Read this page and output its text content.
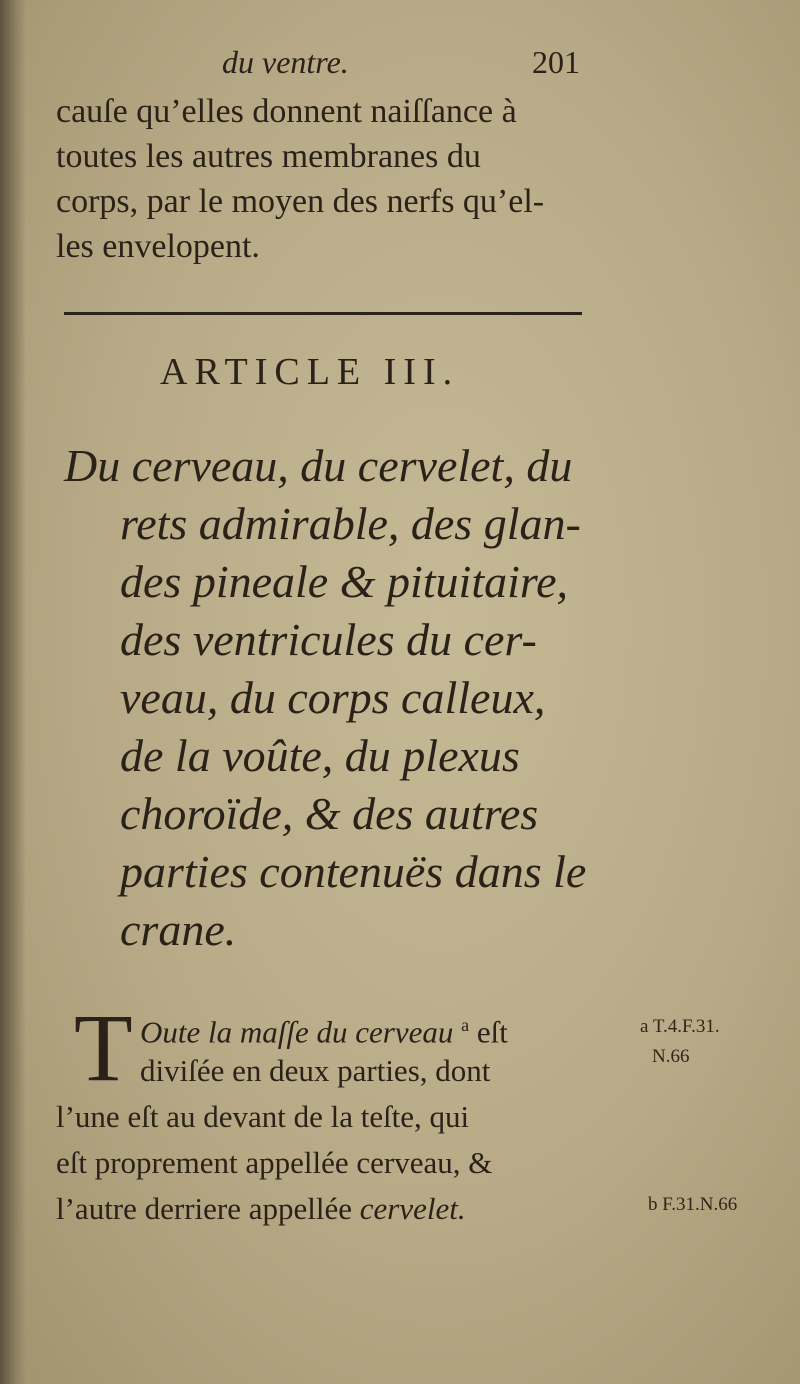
du ventre.	201
cauſe qu’elles donnent naiſſance à
toutes les autres membranes du
corps, par le moyen des nerfs qu’el-
les envelopent.
ARTICLE III.
Du cerveau, du cervelet, du
rets admirable, des glan-
des pineale & pituitaire,
des ventricules du cer-
veau, du corps calleux,
de la voûte, du plexus
choroïde, & des autres
parties contenuës dans le
crane.
T Oute la maſſe du cerveau $^a$ eſt
diviſée en deux parties, dont
l’une eſt au devant de la teſte, qui
eſt proprement appellée cerveau, &
l’autre derriere appellée cervelet.
a T.4.F.31.
N.66
b F.31.N.66
